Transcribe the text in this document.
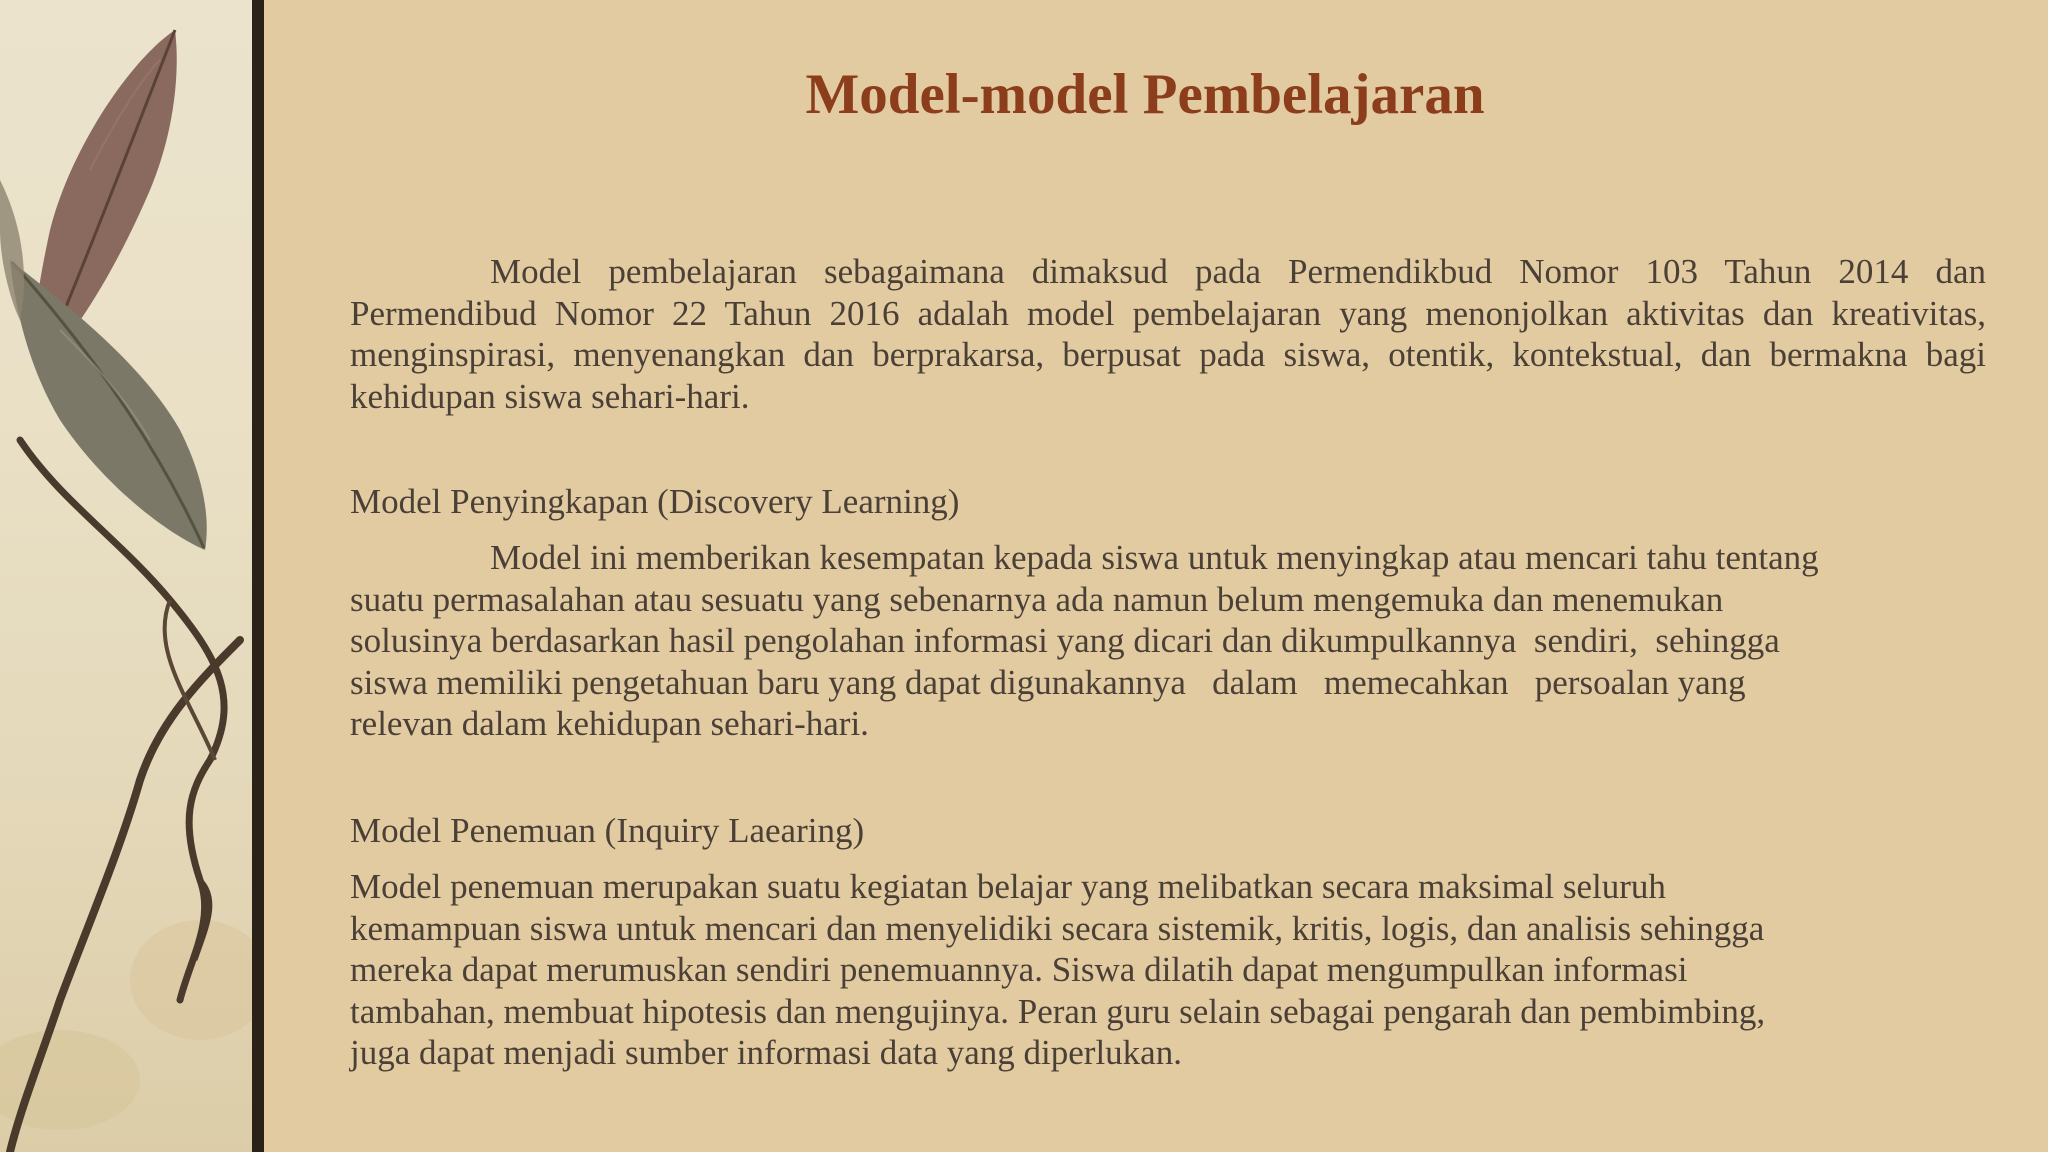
Model-model Pembelajaran

Model pembelajaran sebagaimana dimaksud pada Permendikbud Nomor 103 Tahun 2014 dan Permendibud Nomor 22 Tahun 2016 adalah model pembelajaran yang menonjolkan aktivitas dan kreativitas, menginspirasi, menyenangkan dan berprakarsa, berpusat pada siswa, otentik, kontekstual, dan bermakna bagi kehidupan siswa sehari-hari.

Model Penyingkapan (Discovery Learning)

Model ini memberikan kesempatan kepada siswa untuk menyingkap atau mencari tahu tentang
suatu permasalahan atau sesuatu yang sebenarnya ada namun belum mengemuka dan menemukan
solusinya berdasarkan hasil pengolahan informasi yang dicari dan dikumpulkannya  sendiri,  sehingga
siswa memiliki pengetahuan baru yang dapat digunakannya   dalam   memecahkan   persoalan yang
relevan dalam kehidupan sehari-hari.

Model Penemuan (Inquiry Laearing)

Model penemuan merupakan suatu kegiatan belajar yang melibatkan secara maksimal seluruh
kemampuan siswa untuk mencari dan menyelidiki secara sistemik, kritis, logis, dan analisis sehingga
mereka dapat merumuskan sendiri penemuannya. Siswa dilatih dapat mengumpulkan informasi
tambahan, membuat hipotesis dan mengujinya. Peran guru selain sebagai pengarah dan pembimbing,
juga dapat menjadi sumber informasi data yang diperlukan.
